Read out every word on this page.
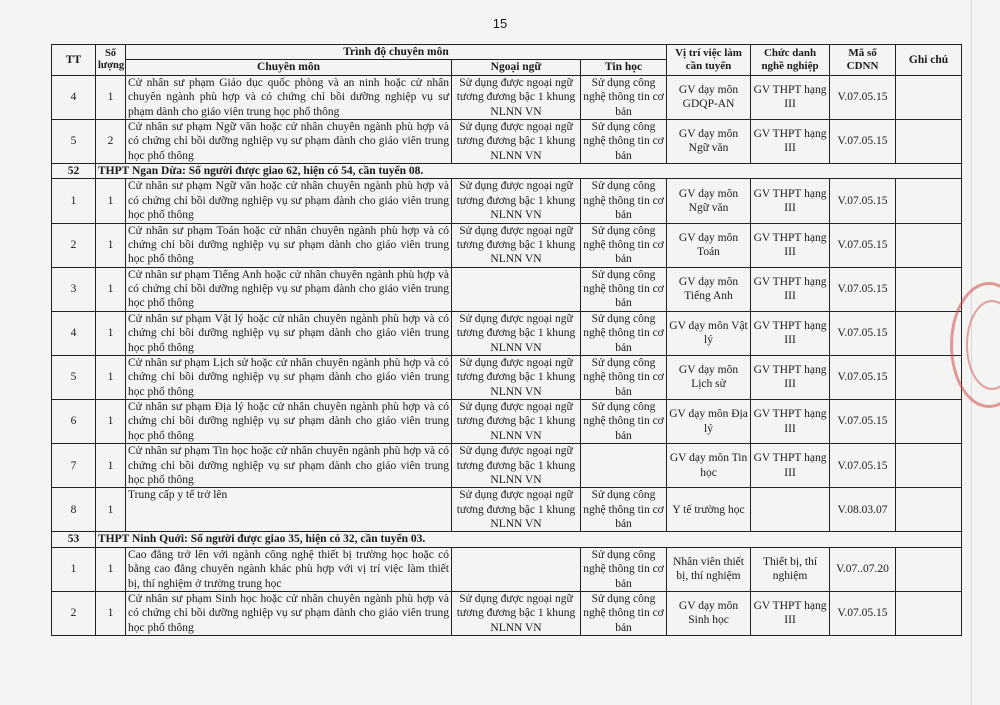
15
TT	Số lượng	Trình độ chuyên môn			Vị trí việc làm cần tuyển	Chức danh nghề nghiệp	Mã số CDNN	Ghi chú
		Chuyên môn	Ngoại ngữ	Tin học				
4	1	Cử nhân sư phạm Giáo dục quốc phòng và an ninh hoặc cử nhân chuyên ngành phù hợp và có chứng chỉ bồi dưỡng nghiệp vụ sư phạm dành cho giáo viên trung học phổ thông	Sử dụng được ngoại ngữ tương đương bậc 1 khung NLNN VN	Sử dụng công nghệ thông tin cơ bản	GV dạy môn GDQP-AN	GV THPT hạng III	V.07.05.15	
5	2	Cử nhân sư phạm Ngữ văn hoặc cử nhân chuyên ngành phù hợp và có chứng chỉ bồi dưỡng nghiệp vụ sư phạm dành cho giáo viên trung học phổ thông	Sử dụng được ngoại ngữ tương đương bậc 1 khung NLNN VN	Sử dụng công nghệ thông tin cơ bản	GV dạy môn Ngữ văn	GV THPT hạng III	V.07.05.15	
52	THPT Ngan Dừa: Số người được giao 62, hiện có 54, cần tuyển 08.							
1	1	Cử nhân sư phạm Ngữ văn hoặc cử nhân chuyên ngành phù hợp và có chứng chỉ bồi dưỡng nghiệp vụ sư phạm dành cho giáo viên trung học phổ thông	Sử dụng được ngoại ngữ tương đương bậc 1 khung NLNN VN	Sử dụng công nghệ thông tin cơ bản	GV dạy môn Ngữ văn	GV THPT hạng III	V.07.05.15	
2	1	Cử nhân sư phạm Toán hoặc cử nhân chuyên ngành phù hợp và có chứng chỉ bồi dưỡng nghiệp vụ sư phạm dành cho giáo viên trung học phổ thông	Sử dụng được ngoại ngữ tương đương bậc 1 khung NLNN VN	Sử dụng công nghệ thông tin cơ bản	GV dạy môn Toán	GV THPT hạng III	V.07.05.15	
3	1	Cử nhân sư phạm Tiếng Anh hoặc cử nhân chuyên ngành phù hợp và có chứng chỉ bồi dưỡng nghiệp vụ sư phạm dành cho giáo viên trung học phổ thông		Sử dụng công nghệ thông tin cơ bản	GV dạy môn Tiếng Anh	GV THPT hạng III	V.07.05.15	
4	1	Cử nhân sư phạm Vật lý hoặc cử nhân chuyên ngành phù hợp và có chứng chỉ bồi dưỡng nghiệp vụ sư phạm dành cho giáo viên trung học phổ thông	Sử dụng được ngoại ngữ tương đương bậc 1 khung NLNN VN	Sử dụng công nghệ thông tin cơ bản	GV dạy môn Vật lý	GV THPT hạng III	V.07.05.15	
5	1	Cử nhân sư phạm Lịch sử hoặc cử nhân chuyên ngành phù hợp và có chứng chỉ bồi dưỡng nghiệp vụ sư phạm dành cho giáo viên trung học phổ thông	Sử dụng được ngoại ngữ tương đương bậc 1 khung NLNN VN	Sử dụng công nghệ thông tin cơ bản	GV dạy môn Lịch sử	GV THPT hạng III	V.07.05.15	
6	1	Cử nhân sư phạm Địa lý hoặc cử nhân chuyên ngành phù hợp và có chứng chỉ bồi dưỡng nghiệp vụ sư phạm dành cho giáo viên trung học phổ thông	Sử dụng được ngoại ngữ tương đương bậc 1 khung NLNN VN	Sử dụng công nghệ thông tin cơ bản	GV dạy môn Địa lý	GV THPT hạng III	V.07.05.15	
7	1	Cử nhân sư phạm Tin học hoặc cử nhân chuyên ngành phù hợp và có chứng chỉ bồi dưỡng nghiệp vụ sư phạm dành cho giáo viên trung học phổ thông	Sử dụng được ngoại ngữ tương đương bậc 1 khung NLNN VN		GV dạy môn Tin học	GV THPT hạng III	V.07.05.15	
8	1	Trung cấp y tế trở lên	Sử dụng được ngoại ngữ tương đương bậc 1 khung NLNN VN	Sử dụng công nghệ thông tin cơ bản	Y tế trường học		V.08.03.07	
53	THPT Ninh Quới: Số người được giao 35, hiện có 32, cần tuyển 03.							
1	1	Cao đẳng trở lên với ngành công nghệ thiết bị trường học hoặc có bằng cao đẳng chuyên ngành khác phù hợp với vị trí việc làm thiết bị, thí nghiệm ở trường trung học		Sử dụng công nghệ thông tin cơ bản	Nhân viên thiết bị, thí nghiệm	Thiết bị, thí nghiệm	V.07..07.20	
2	1	Cử nhân sư phạm Sinh học hoặc cử nhân chuyên ngành phù hợp và có chứng chỉ bồi dưỡng nghiệp vụ sư phạm dành cho giáo viên trung học phổ thông	Sử dụng được ngoại ngữ tương đương bậc 1 khung NLNN VN	Sử dụng công nghệ thông tin cơ bản	GV dạy môn Sinh học	GV THPT hạng III	V.07.05.15	
